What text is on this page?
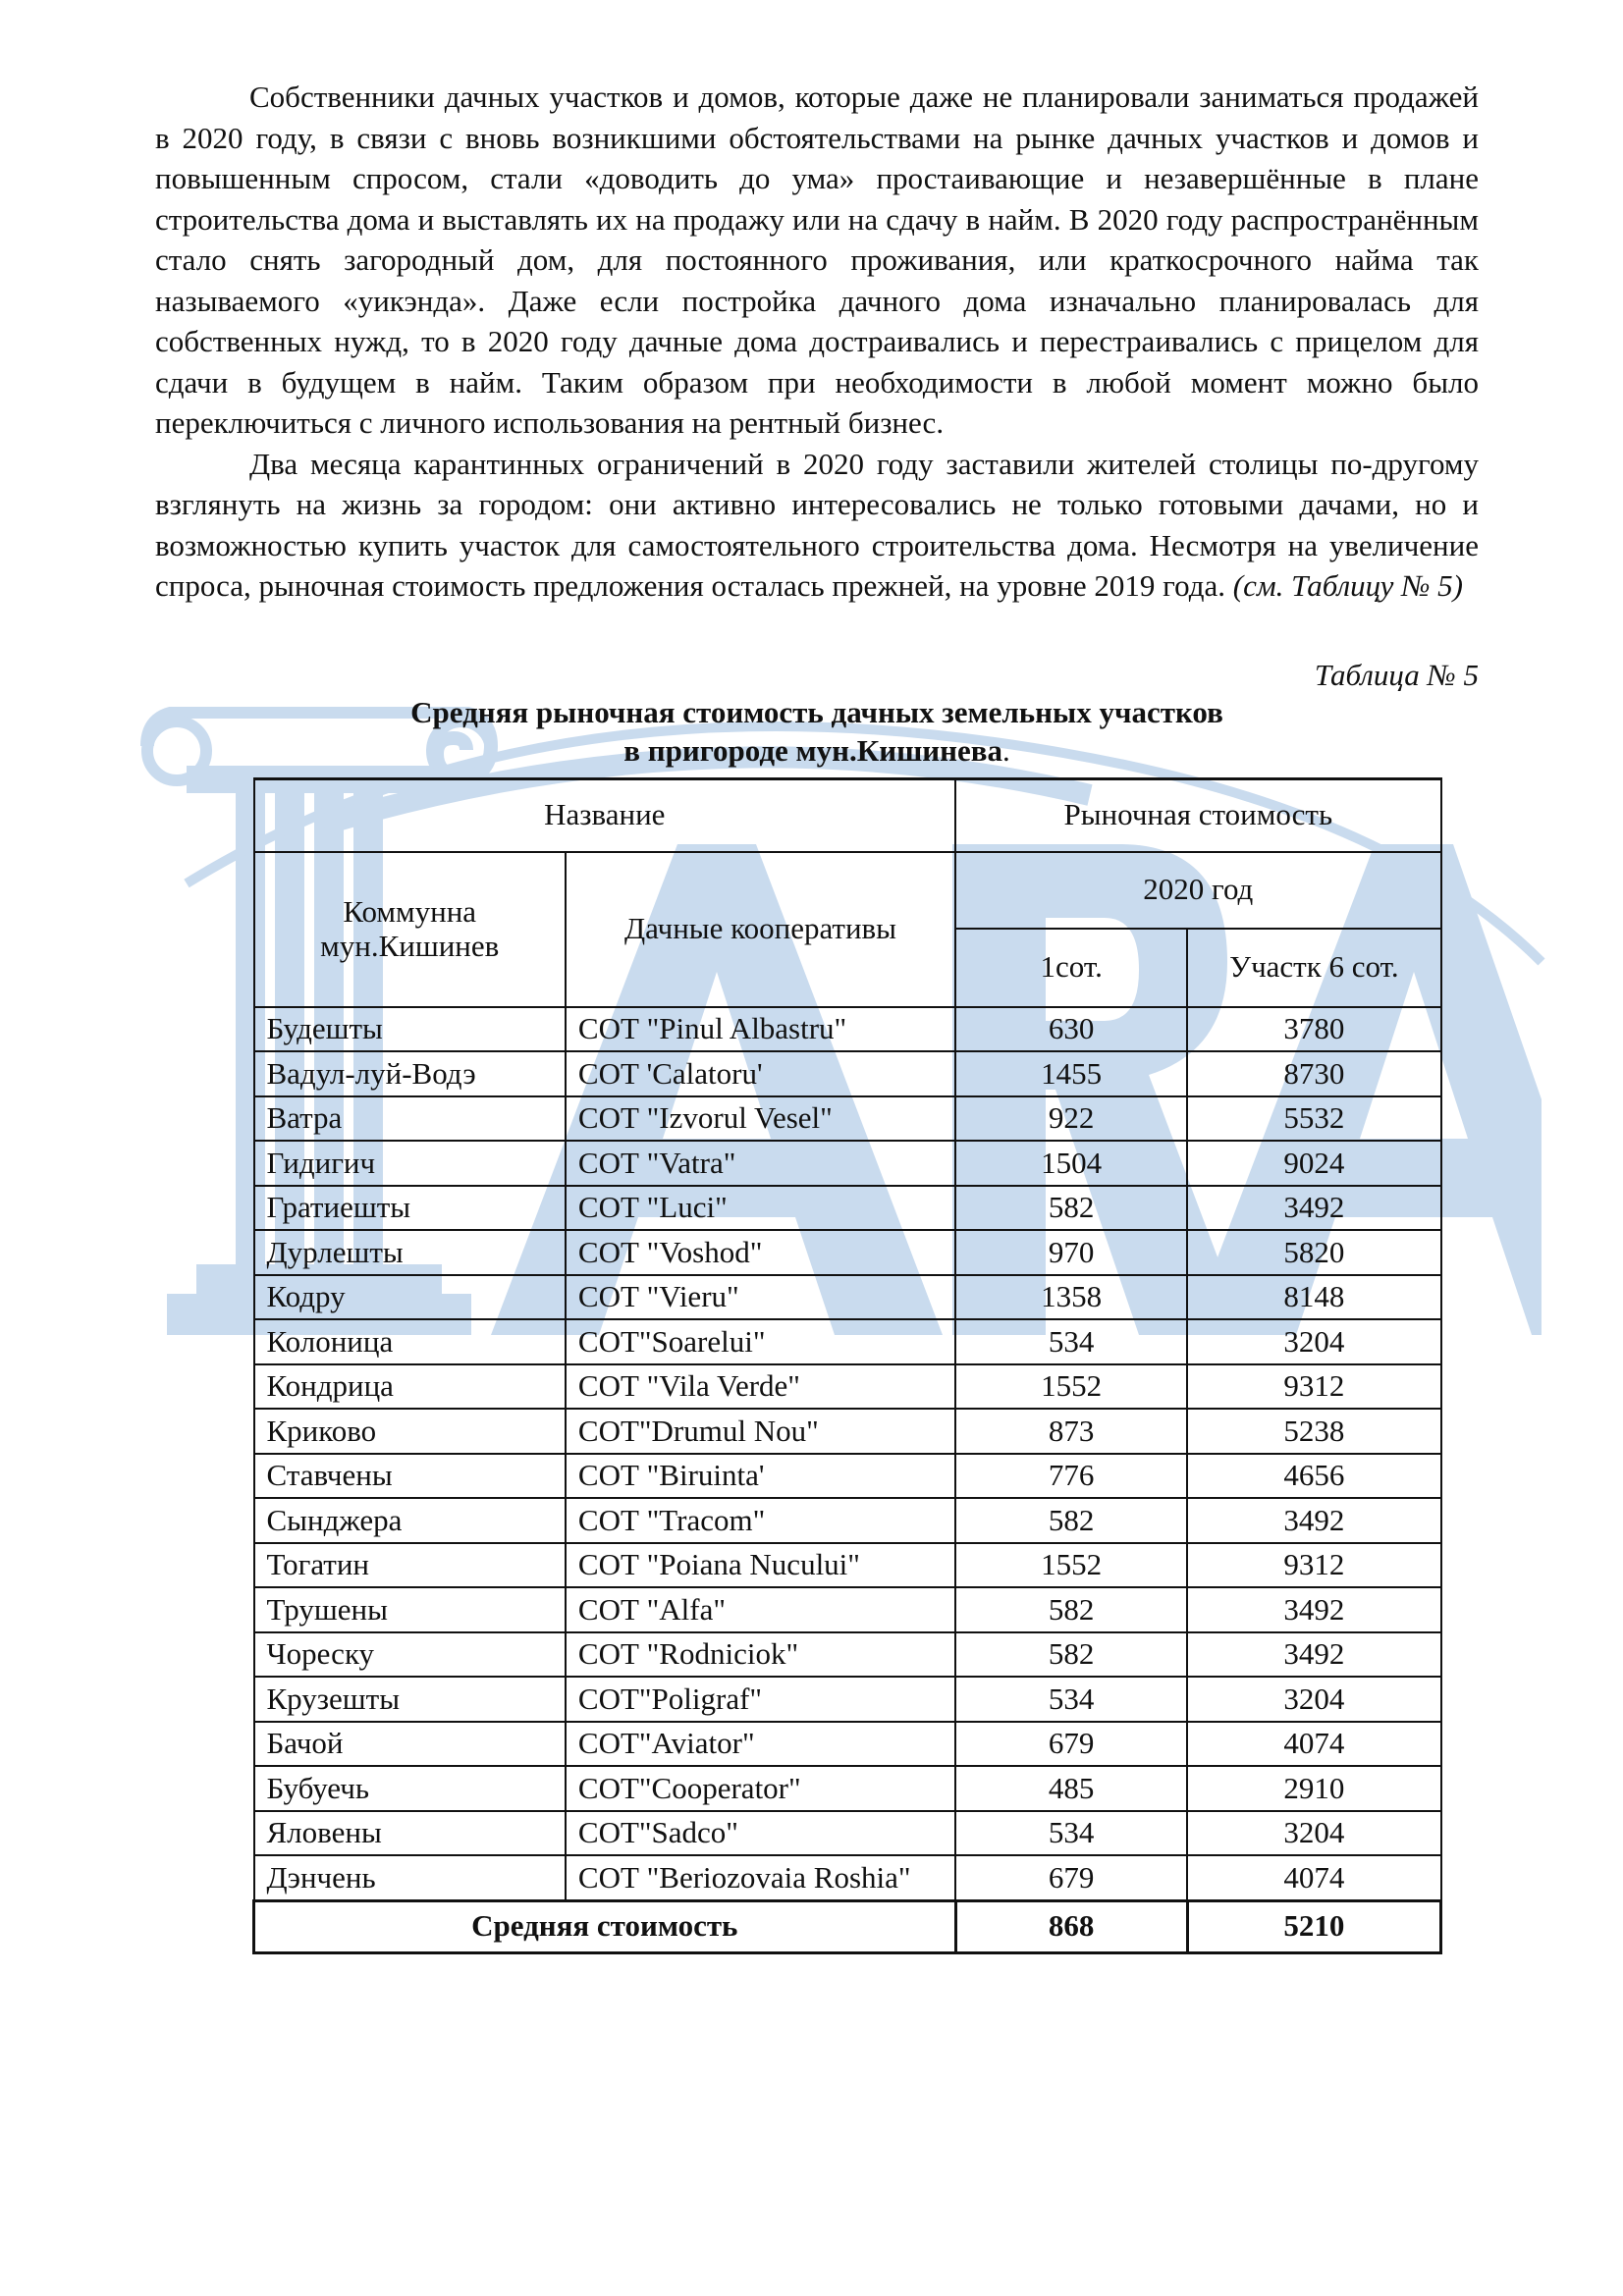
Собственники дачных участков и домов, которые даже не планировали заниматься продажей в 2020 году, в связи с вновь возникшими обстоятельствами на рынке дачных участков и домов и повышенным спросом, стали «доводить до ума» простаивающие и незавершённые в плане строительства дома и выставлять их на продажу или на сдачу в найм. В 2020 году распространённым стало снять загородный дом, для постоянного проживания, или краткосрочного найма так называемого «уикэнда». Даже если постройка дачного дома изначально планировалась для собственных нужд, то в 2020 году дачные дома достраивались и перестраивались с прицелом для сдачи в будущем в найм. Таким образом при необходимости в любой момент можно было переключиться с личного использования на рентный бизнес.

Два месяца карантинных ограничений в 2020 году заставили жителей столицы по-другому взглянуть на жизнь за городом: они активно интересовались не только готовыми дачами, но и возможностью купить участок для самостоятельного строительства дома. Несмотря на увеличение спроса, рыночная стоимость предложения осталась прежней, на уровне 2019 года. (см. Таблицу № 5)

Таблица № 5
Средняя рыночная стоимость дачных земельных участков
в пригороде мун.Кишинева.
Название		Рыночная стоимость	
Коммунна мун.Кишинев	Дачные кооперативы	2020 год	
		1сот.	Участк 6 сот.
Будешты	СОТ "Pinul Albastru"	630	3780
Вадул-луй-Водэ	СОТ 'Calatoru'	1455	8730
Ватра	СОТ "Izvorul Vesel"	922	5532
Гидигич	СОТ "Vatra"	1504	9024
Гратиешты	СОТ "Luci"	582	3492
Дурлешты	СОТ "Voshod"	970	5820
Кодру	СОТ "Vieru"	1358	8148
Колоница	СОТ"Soarelui"	534	3204
Кондрица	СОТ "Vila Verde"	1552	9312
Криково	СОТ"Drumul Nou"	873	5238
Ставчены	СОТ "Biruinta'	776	4656
Сынджера	СОТ "Tracom"	582	3492
Тогатин	СОТ "Poiana Nucului"	1552	9312
Трушены	СОТ "Alfa"	582	3492
Чореску	СОТ "Rodniciok"	582	3492
Крузешты	СОТ"Poligraf"	534	3204
Бачой	СОТ"Aviator"	679	4074
Бубуечь	СОТ"Cooperator"	485	2910
Яловены	СОТ"Sadco"	534	3204
Дэнчень	СОТ "Beriozovaia Roshia"	679	4074
Средняя стоимость		868	5210
